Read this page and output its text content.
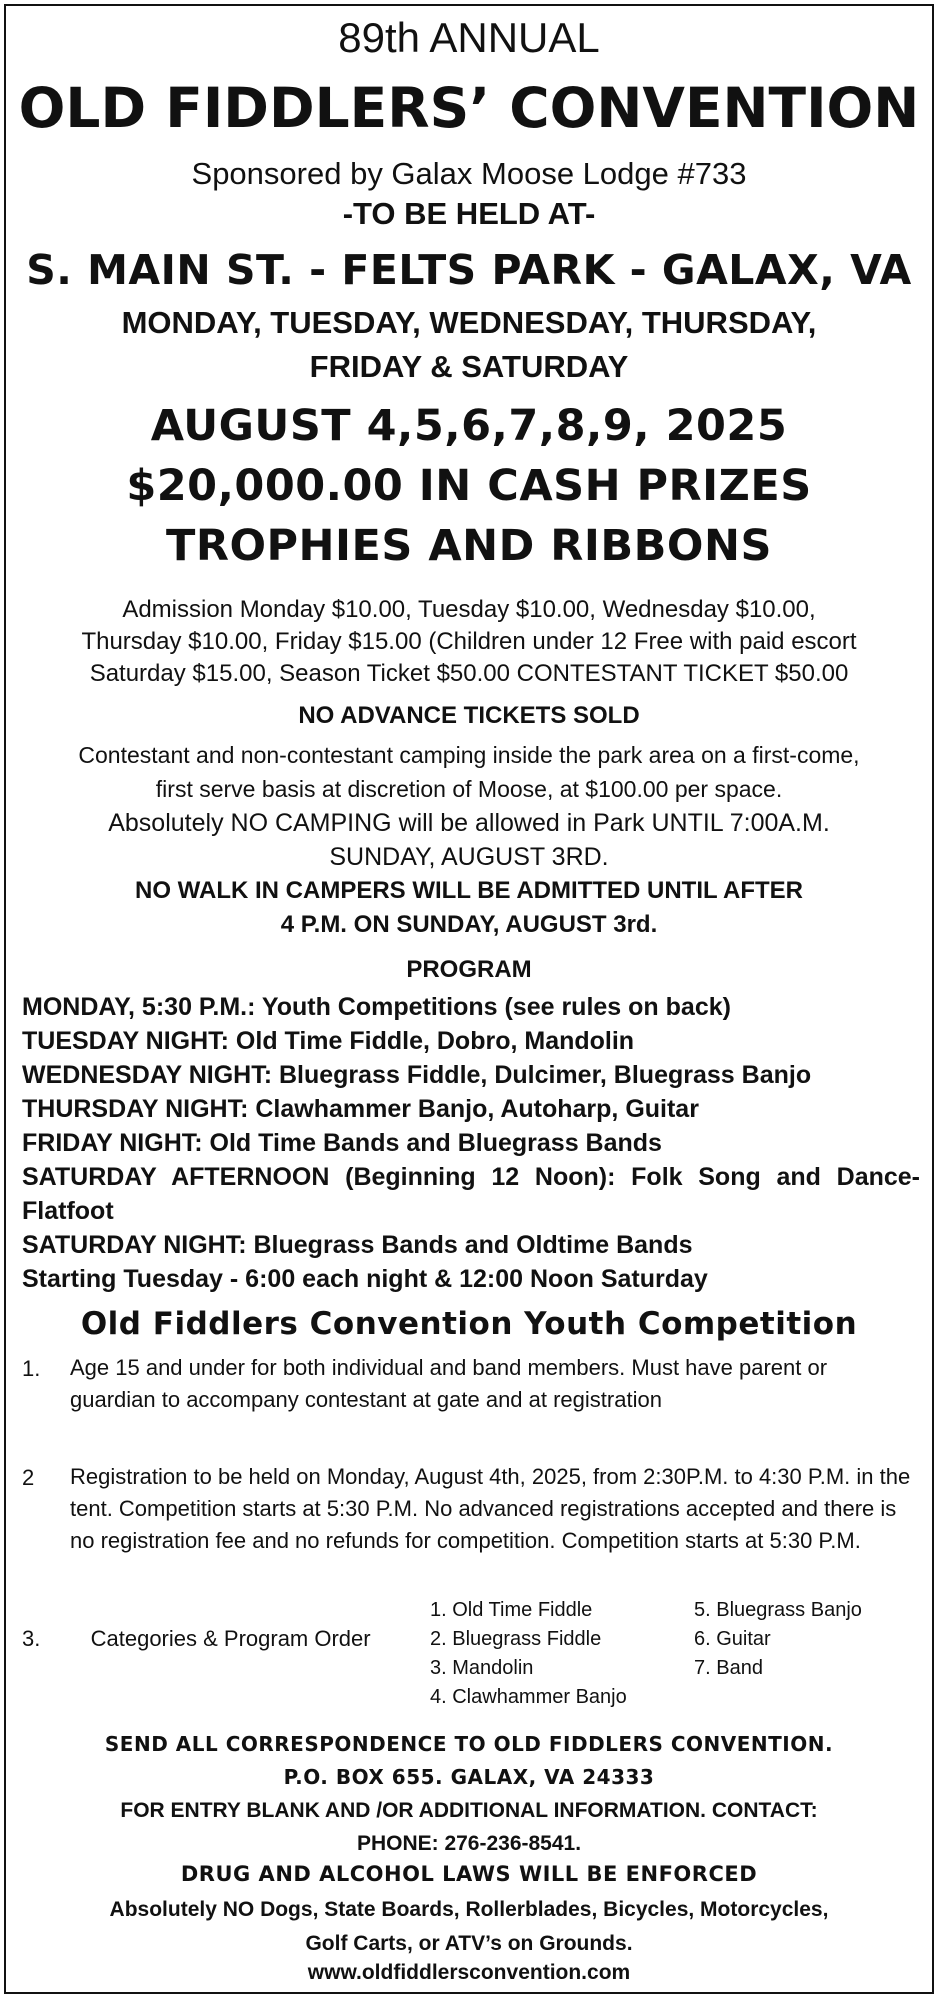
89th ANNUAL

OLD FIDDLERS’ CONVENTION

Sponsored by Galax Moose Lodge #733

-TO BE HELD AT-

S. MAIN ST. - FELTS PARK - GALAX, VA

MONDAY, TUESDAY, WEDNESDAY, THURSDAY,
FRIDAY & SATURDAY
AUGUST 4,5,6,7,8,9, 2025
$20,000.00 IN CASH PRIZES
TROPHIES AND RIBBONS
Admission Monday $10.00, Tuesday $10.00, Wednesday $10.00,
Thursday $10.00, Friday $15.00 (Children under 12 Free with paid escort
Saturday $15.00, Season Ticket $50.00 CONTESTANT TICKET $50.00

NO ADVANCE TICKETS SOLD

Contestant and non-contestant camping inside the park area on a first-come,
first serve basis at discretion of Moose, at $100.00 per space.
Absolutely NO CAMPING will be allowed in Park UNTIL 7:00A.M.
SUNDAY, AUGUST 3RD.
NO WALK IN CAMPERS WILL BE ADMITTED UNTIL AFTER
4 P.M. ON SUNDAY, AUGUST 3rd.

PROGRAM

MONDAY, 5:30 P.M.: Youth Competitions (see rules on back)
TUESDAY NIGHT: Old Time Fiddle, Dobro, Mandolin
WEDNESDAY NIGHT: Bluegrass Fiddle, Dulcimer, Bluegrass Banjo
THURSDAY NIGHT: Clawhammer Banjo, Autoharp, Guitar
FRIDAY NIGHT: Old Time Bands and Bluegrass Bands
SATURDAY AFTERNOON (Beginning 12 Noon): Folk Song and Dance- Flatfoot
SATURDAY NIGHT: Bluegrass Bands and Oldtime Bands
Starting Tuesday - 6:00 each night & 12:00 Noon Saturday

Old Fiddlers Convention Youth Competition

1. Age 15 and under for both individual and band members. Must have parent or guardian to accompany contestant at gate and at registration
2 Registration to be held on Monday, August 4th, 2025, from 2:30P.M. to 4:30 P.M. in the tent. Competition starts at 5:30 P.M. No advanced registrations accepted and there is no registration fee and no refunds for competition. Competition starts at 5:30 P.M.
3. Categories & Program Order
1. Old Time Fiddle
2. Bluegrass Fiddle
3. Mandolin
4. Clawhammer Banjo
5. Bluegrass Banjo
6. Guitar
7. Band
SEND ALL CORRESPONDENCE TO OLD FIDDLERS CONVENTION.
P.O. BOX 655. GALAX, VA 24333
FOR ENTRY BLANK AND /OR ADDITIONAL INFORMATION. CONTACT:
PHONE: 276-236-8541.

DRUG AND ALCOHOL LAWS WILL BE ENFORCED

Absolutely NO Dogs, State Boards, Rollerblades, Bicycles, Motorcycles,
Golf Carts, or ATV’s on Grounds.

www.oldfiddlersconvention.com
